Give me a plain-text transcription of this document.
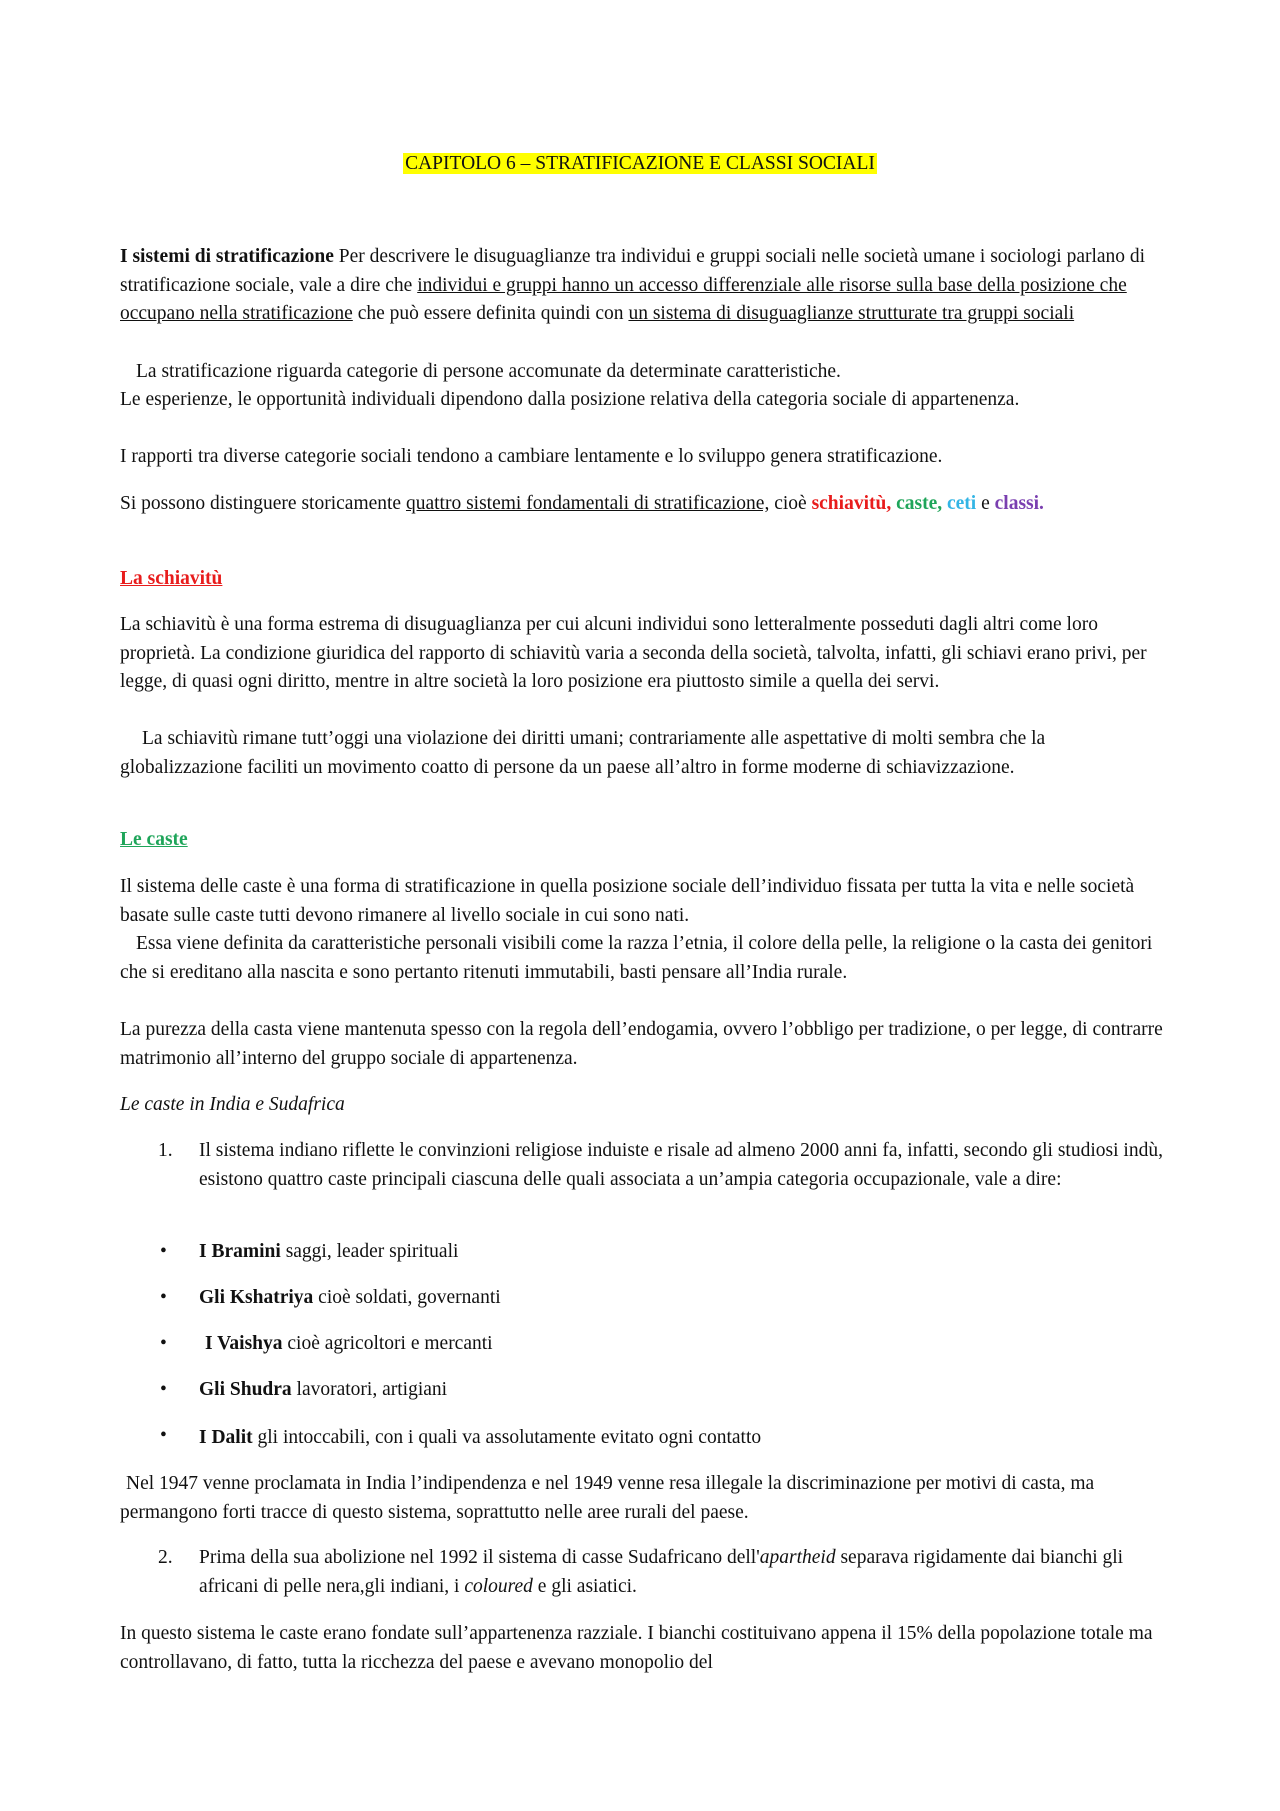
CAPITOLO 6 – STRATIFICAZIONE E CLASSI SOCIALI

I sistemi di stratificazione Per descrivere le disuguaglianze tra individui e gruppi sociali nelle società umane i sociologi parlano di stratificazione sociale, vale a dire che individui e gruppi hanno un accesso differenziale alle risorse sulla base della posizione che occupano nella stratificazione che può essere definita quindi con un sistema di disuguaglianze strutturate tra gruppi sociali

La stratificazione riguarda categorie di persone accomunate da determinate caratteristiche.

Le esperienze, le opportunità individuali dipendono dalla posizione relativa della categoria sociale di appartenenza.

I rapporti tra diverse categorie sociali tendono a cambiare lentamente e lo sviluppo genera stratificazione.

Si possono distinguere storicamente quattro sistemi fondamentali di stratificazione, cioè schiavitù, caste, ceti e classi.

La schiavitù

La schiavitù è una forma estrema di disuguaglianza per cui alcuni individui sono letteralmente posseduti dagli altri come loro proprietà. La condizione giuridica del rapporto di schiavitù varia a seconda della società, talvolta, infatti, gli schiavi erano privi, per legge, di quasi ogni diritto, mentre in altre società la loro posizione era piuttosto simile a quella dei servi.

La schiavitù rimane tutt’oggi una violazione dei diritti umani; contrariamente alle aspettative di molti sembra che la globalizzazione faciliti un movimento coatto di persone da un paese all’altro in forme moderne di schiavizzazione.

Le caste

Il sistema delle caste è una forma di stratificazione in quella posizione sociale dell’individuo fissata per tutta la vita e nelle società basate sulle caste tutti devono rimanere al livello sociale in cui sono nati.

Essa viene definita da caratteristiche personali visibili come la razza l’etnia, il colore della pelle, la religione o la casta dei genitori che si ereditano alla nascita e sono pertanto ritenuti immutabili, basti pensare all’India rurale.

La purezza della casta viene mantenuta spesso con la regola dell’endogamia, ovvero l’obbligo per tradizione, o per legge, di contrarre matrimonio all’interno del gruppo sociale di appartenenza.

Le caste in India e Sudafrica

1. Il sistema indiano riflette le convinzioni religiose induiste e risale ad almeno 2000 anni fa, infatti, secondo gli studiosi indù, esistono quattro caste principali ciascuna delle quali associata a un’ampia categoria occupazionale, vale a dire:

• I Bramini saggi, leader spirituali

• Gli Kshatriya cioè soldati, governanti

• I Vaishya cioè agricoltori e mercanti

• Gli Shudra lavoratori, artigiani

• I Dalit gli intoccabili, con i quali va assolutamente evitato ogni contatto

Nel 1947 venne proclamata in India l’indipendenza e nel 1949 venne resa illegale la discriminazione per motivi di casta, ma permangono forti tracce di questo sistema, soprattutto nelle aree rurali del paese.

2. Prima della sua abolizione nel 1992 il sistema di casse Sudafricano dell'apartheid separava rigidamente dai bianchi gli africani di pelle nera,gli indiani, i coloured e gli asiatici.

In questo sistema le caste erano fondate sull’appartenenza razziale. I bianchi costituivano appena il 15% della popolazione totale ma controllavano, di fatto, tutta la ricchezza del paese e avevano monopolio del
